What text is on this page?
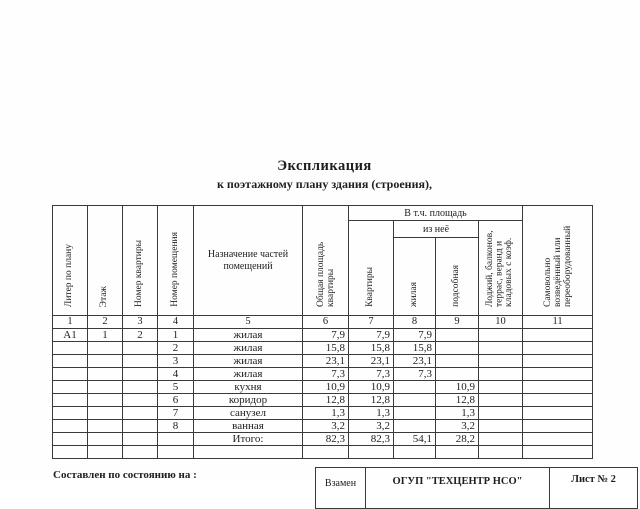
Экспликация
к поэтажному плану здания (строения),
Литер по плану	Этаж	Номер квартиры	Номер помещения	Назначение частей помещений	Общая площадь квартиры	В т.ч. площадь				Самовольно возведённый или переоборудованный
						Квартиры	из неё		Лоджий, балконов, террас, веранд и кладовых с коэф.	
							жилая	подсобная		
1	2	3	4	5	6	7	8	9	10	11
А1	1	2	1	жилая	7,9	7,9	7,9			
			2	жилая	15,8	15,8	15,8			
			3	жилая	23,1	23,1	23,1			
			4	жилая	7,3	7,3	7,3			
			5	кухня	10,9	10,9		10,9		
			6	коридор	12,8	12,8		12,8		
			7	санузел	1,3	1,3		1,3		
			8	ванная	3,2	3,2		3,2		
				Итого:	82,3	82,3	54,1	28,2		

Составлен по состоянию на :
Взамен	ОГУП "ТЕХЦЕНТР НСО"	Лист № 2
